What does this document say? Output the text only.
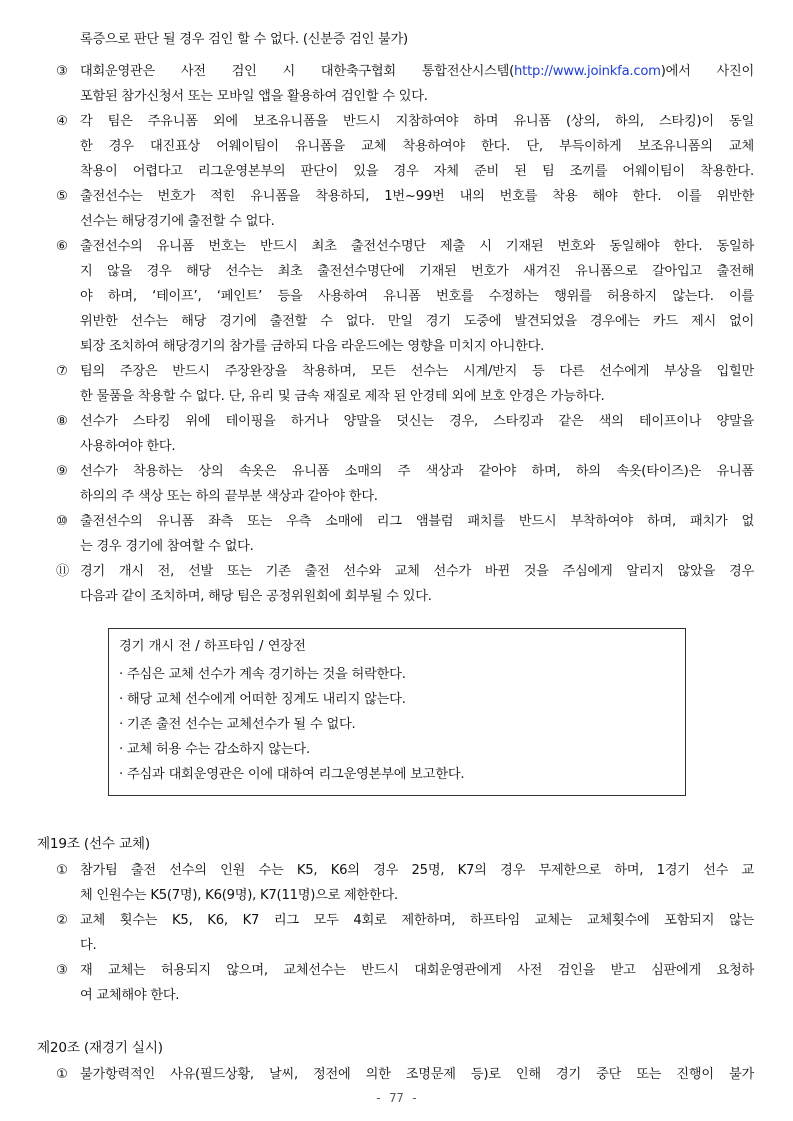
록증으로 판단 될 경우 검인 할 수 없다. (신분증 검인 불가)
③ 대회운영관은 사전 검인 시 대한축구협회 통합전산시스템(http://www.joinkfa.com)에서 사진이
포함된 참가신청서 또는 모바일 앱을 활용하여 검인할 수 있다.
④ 각 팀은 주유니폼 외에 보조유니폼을 반드시 지참하여야 하며 유니폼 (상의, 하의, 스타킹)이 동일
한 경우 대진표상 어웨이팀이 유니폼을 교체 착용하여야 한다. 단, 부득이하게 보조유니폼의 교체
착용이 어렵다고 리그운영본부의 판단이 있을 경우 자체 준비 된 팀 조끼를 어웨이팀이 착용한다.
⑤ 출전선수는 번호가 적힌 유니폼을 착용하되, 1번~99번 내의 번호를 착용 해야 한다. 이를 위반한
선수는 해당경기에 출전할 수 없다.
⑥ 출전선수의 유니폼 번호는 반드시 최초 출전선수명단 제출 시 기재된 번호와 동일해야 한다. 동일하
지 않을 경우 해당 선수는 최초 출전선수명단에 기재된 번호가 새겨진 유니폼으로 갈아입고 출전해
야 하며, ‘테이프’, ‘페인트’ 등을 사용하여 유니폼 번호를 수정하는 행위를 허용하지 않는다. 이를
위반한 선수는 해당 경기에 출전할 수 없다. 만일 경기 도중에 발견되었을 경우에는 카드 제시 없이
퇴장 조치하여 해당경기의 참가를 금하되 다음 라운드에는 영향을 미치지 아니한다.
⑦ 팀의 주장은 반드시 주장완장을 착용하며, 모든 선수는 시계/반지 등 다른 선수에게 부상을 입힐만
한 물품을 착용할 수 없다. 단, 유리 및 금속 재질로 제작 된 안경테 외에 보호 안경은 가능하다.
⑧ 선수가 스타킹 위에 테이핑을 하거나 양말을 덧신는 경우, 스타킹과 같은 색의 테이프이나 양말을
사용하여야 한다.
⑨ 선수가 착용하는 상의 속옷은 유니폼 소매의 주 색상과 같아야 하며, 하의 속옷(타이즈)은 유니폼
하의의 주 색상 또는 하의 끝부분 색상과 같아야 한다.
⑩ 출전선수의 유니폼 좌측 또는 우측 소매에 리그 앰블럼 패치를 반드시 부착하여야 하며, 패치가 없
는 경우 경기에 참여할 수 없다.
⑪ 경기 개시 전, 선발 또는 기존 출전 선수와 교체 선수가 바뀐 것을 주심에게 알리지 않았을 경우
다음과 같이 조치하며, 해당 팀은 공정위원회에 회부될 수 있다.
경기 개시 전 / 하프타임 / 연장전
· 주심은 교체 선수가 계속 경기하는 것을 허락한다.
· 해당 교체 선수에게 어떠한 징계도 내리지 않는다.
· 기존 출전 선수는 교체선수가 될 수 없다.
· 교체 허용 수는 감소하지 않는다.
· 주심과 대회운영관은 이에 대하여 리그운영본부에 보고한다.
제19조 (선수 교체)
① 참가팀 출전 선수의 인원 수는 K5, K6의 경우 25명, K7의 경우 무제한으로 하며, 1경기 선수 교
체 인원수는 K5(7명), K6(9명), K7(11명)으로 제한한다.
② 교체 횟수는 K5, K6, K7 리그 모두 4회로 제한하며, 하프타임 교체는 교체횟수에 포함되지 않는
다.
③ 재 교체는 허용되지 않으며, 교체선수는 반드시 대회운영관에게 사전 검인을 받고 심판에게 요청하
여 교체해야 한다.
제20조 (재경기 실시)
① 불가항력적인 사유(필드상황, 날씨, 정전에 의한 조명문제 등)로 인해 경기 중단 또는 진행이 불가
- 77 -
